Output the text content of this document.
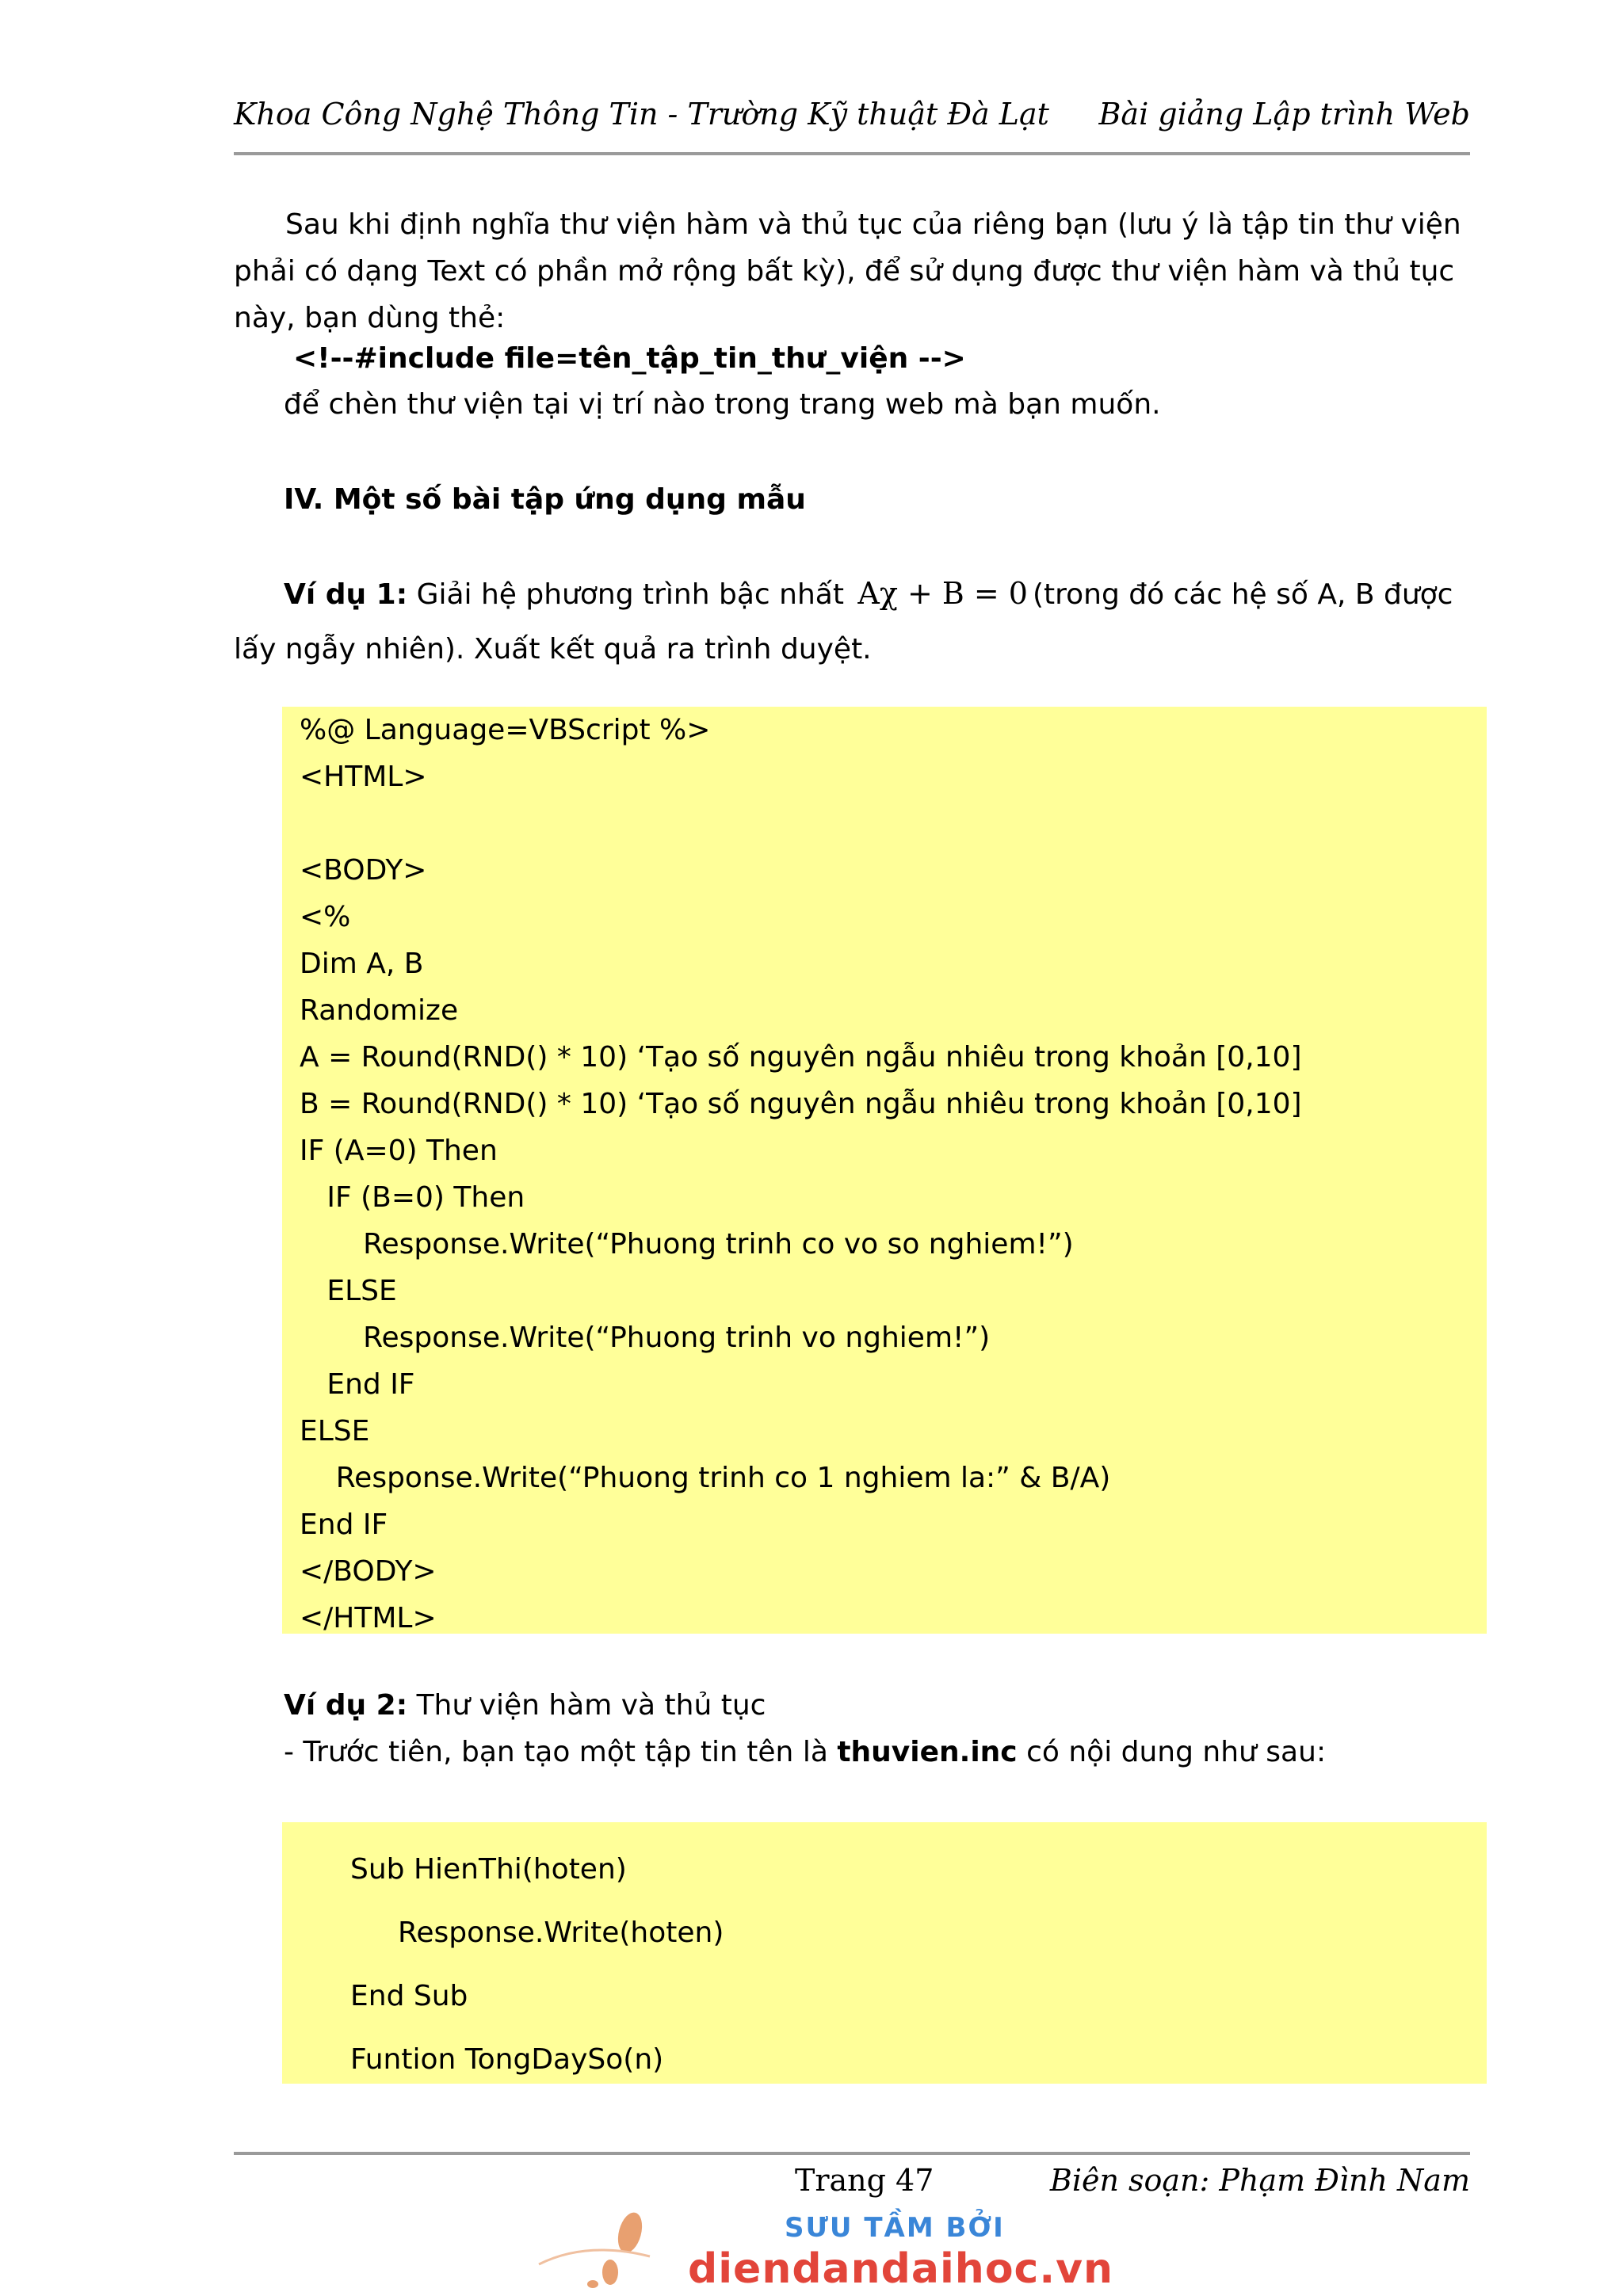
Khoa Công Nghệ Thông Tin - Trường Kỹ thuật Đà Lạt Bài giảng Lập trình Web
Sau khi định nghĩa thư viện hàm và thủ tục của riêng bạn (lưu ý là tập tin thư viện phải có dạng Text có phần mở rộng bất kỳ), để sử dụng được thư viện hàm và thủ tục này, bạn dùng thẻ:
<!--#include file=tên_tập_tin_thư_viện -->
để chèn thư viện tại vị trí nào trong trang web mà bạn muốn.
IV. Một số bài tập ứng dụng mẫu
Ví dụ 1: Giải hệ phương trình bậc nhất Aχ + B = 0 (trong đó các hệ số A, B được lấy ngẫy nhiên). Xuất kết quả ra trình duyệt.
%@ Language=VBScript %>
<HTML>
<BODY>
<%
Dim A, B
Randomize
A = Round(RND() * 10) ‘Tạo số nguyên ngẫu nhiêu trong khoản [0,10]
B = Round(RND() * 10) ‘Tạo số nguyên ngẫu nhiêu trong khoản [0,10]
IF (A=0) Then
IF (B=0) Then
Response.Write(“Phuong trinh co vo so nghiem!”)
ELSE
Response.Write(“Phuong trinh vo nghiem!”)
End IF
ELSE
Response.Write(“Phuong trinh co 1 nghiem la:” & B/A)
End IF
</BODY>
</HTML>
Ví dụ 2: Thư viện hàm và thủ tục
- Trước tiên, bạn tạo một tập tin tên là thuvien.inc có nội dung như sau:
Sub HienThi(hoten)
Response.Write(hoten)
End Sub
Funtion TongDaySo(n)
Trang 47	Biên soạn: Phạm Đình Nam
SƯU TẦM BỞI
diendandaihoc.vn
